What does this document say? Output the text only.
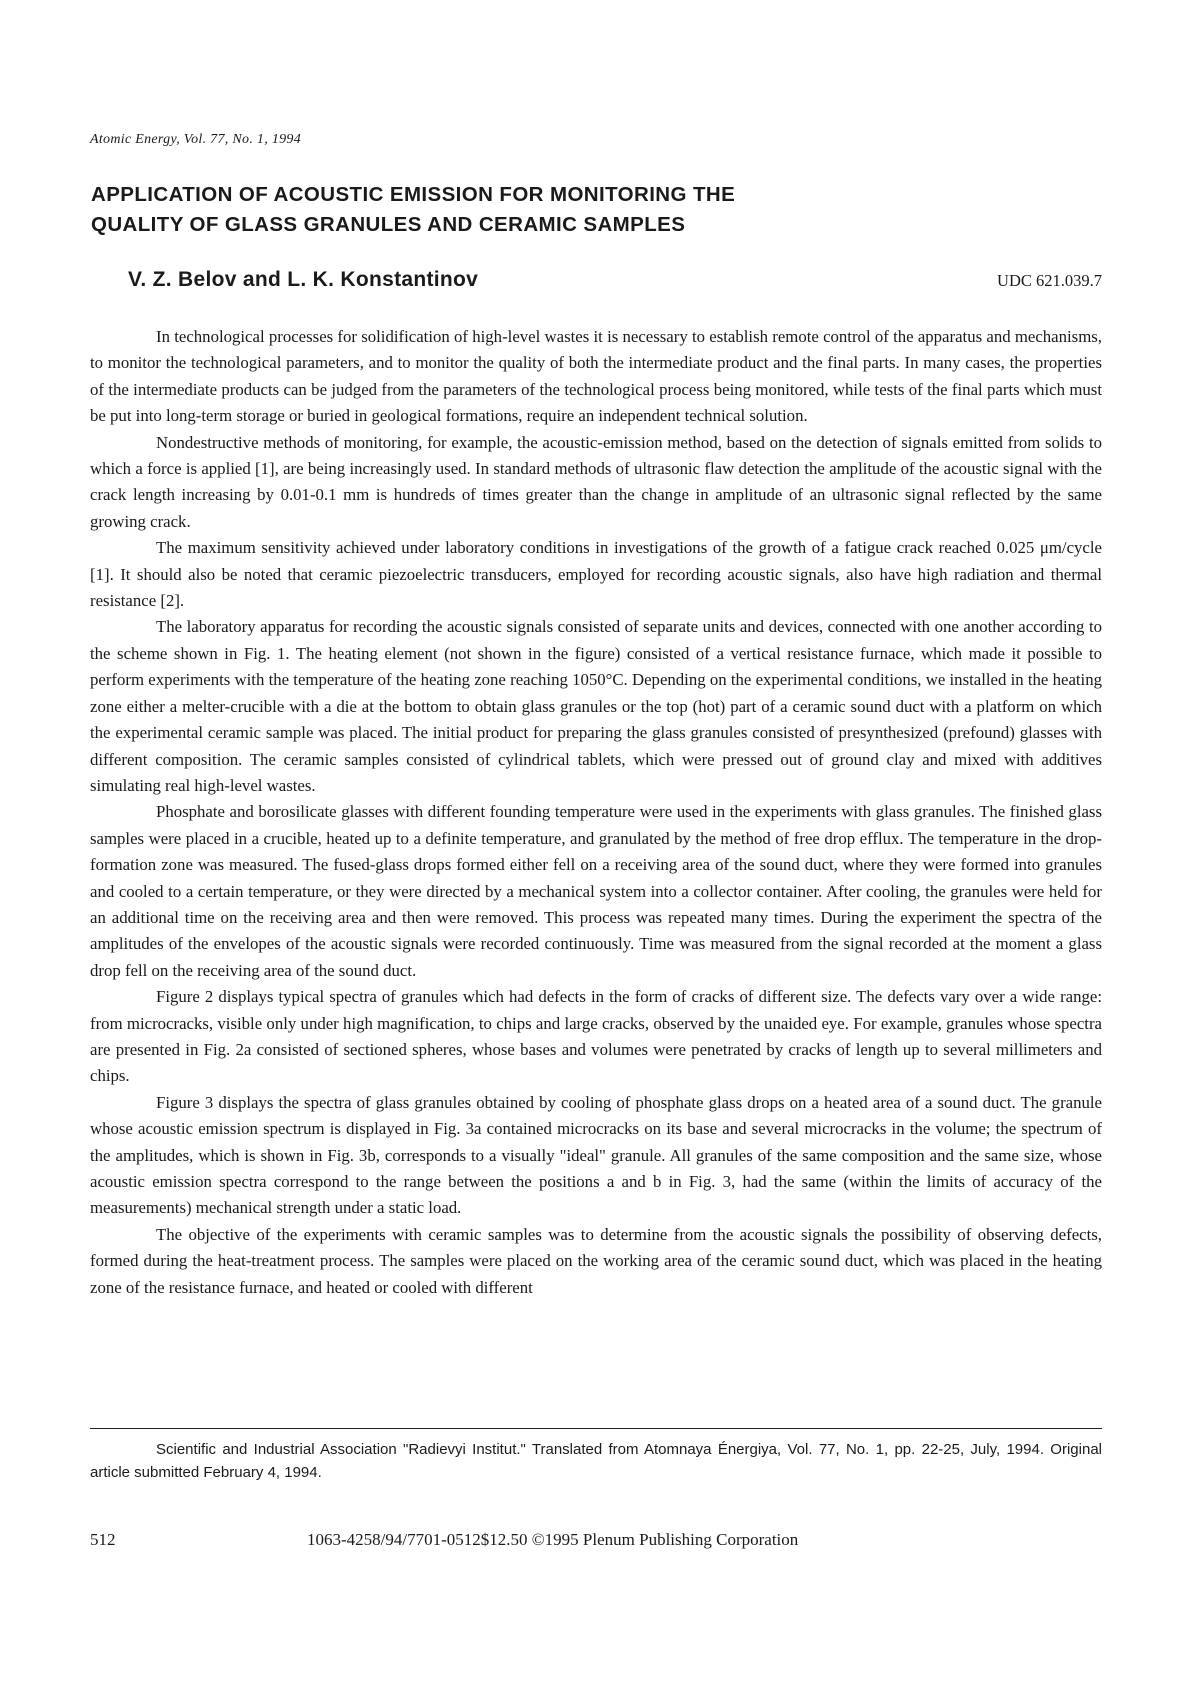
Atomic Energy, Vol. 77, No. 1, 1994
APPLICATION OF ACOUSTIC EMISSION FOR MONITORING THE
QUALITY OF GLASS GRANULES AND CERAMIC SAMPLES
V. Z. Belov and L. K. Konstantinov	UDC 621.039.7

In technological processes for solidification of high-level wastes it is necessary to establish remote control of the apparatus and mechanisms, to monitor the technological parameters, and to monitor the quality of both the intermediate product and the final parts. In many cases, the properties of the intermediate products can be judged from the parameters of the technological process being monitored, while tests of the final parts which must be put into long-term storage or buried in geological formations, require an independent technical solution.

Nondestructive methods of monitoring, for example, the acoustic-emission method, based on the detection of signals emitted from solids to which a force is applied [1], are being increasingly used. In standard methods of ultrasonic flaw detection the amplitude of the acoustic signal with the crack length increasing by 0.01-0.1 mm is hundreds of times greater than the change in amplitude of an ultrasonic signal reflected by the same growing crack.

The maximum sensitivity achieved under laboratory conditions in investigations of the growth of a fatigue crack reached 0.025 μm/cycle [1]. It should also be noted that ceramic piezoelectric transducers, employed for recording acoustic signals, also have high radiation and thermal resistance [2].

The laboratory apparatus for recording the acoustic signals consisted of separate units and devices, connected with one another according to the scheme shown in Fig. 1. The heating element (not shown in the figure) consisted of a vertical resistance furnace, which made it possible to perform experiments with the temperature of the heating zone reaching 1050°C. Depending on the experimental conditions, we installed in the heating zone either a melter-crucible with a die at the bottom to obtain glass granules or the top (hot) part of a ceramic sound duct with a platform on which the experimental ceramic sample was placed. The initial product for preparing the glass granules consisted of presynthesized (prefound) glasses with different composition. The ceramic samples consisted of cylindrical tablets, which were pressed out of ground clay and mixed with additives simulating real high-level wastes.

Phosphate and borosilicate glasses with different founding temperature were used in the experiments with glass granules. The finished glass samples were placed in a crucible, heated up to a definite temperature, and granulated by the method of free drop efflux. The temperature in the drop-formation zone was measured. The fused-glass drops formed either fell on a receiving area of the sound duct, where they were formed into granules and cooled to a certain temperature, or they were directed by a mechanical system into a collector container. After cooling, the granules were held for an additional time on the receiving area and then were removed. This process was repeated many times. During the experiment the spectra of the amplitudes of the envelopes of the acoustic signals were recorded continuously. Time was measured from the signal recorded at the moment a glass drop fell on the receiving area of the sound duct.

Figure 2 displays typical spectra of granules which had defects in the form of cracks of different size. The defects vary over a wide range: from microcracks, visible only under high magnification, to chips and large cracks, observed by the unaided eye. For example, granules whose spectra are presented in Fig. 2a consisted of sectioned spheres, whose bases and volumes were penetrated by cracks of length up to several millimeters and chips.

Figure 3 displays the spectra of glass granules obtained by cooling of phosphate glass drops on a heated area of a sound duct. The granule whose acoustic emission spectrum is displayed in Fig. 3a contained microcracks on its base and several microcracks in the volume; the spectrum of the amplitudes, which is shown in Fig. 3b, corresponds to a visually "ideal" granule. All granules of the same composition and the same size, whose acoustic emission spectra correspond to the range between the positions a and b in Fig. 3, had the same (within the limits of accuracy of the measurements) mechanical strength under a static load.

The objective of the experiments with ceramic samples was to determine from the acoustic signals the possibility of observing defects, formed during the heat-treatment process. The samples were placed on the working area of the ceramic sound duct, which was placed in the heating zone of the resistance furnace, and heated or cooled with different

Scientific and Industrial Association "Radievyi Institut." Translated from Atomnaya Énergiya, Vol. 77, No. 1, pp. 22-25, July, 1994. Original article submitted February 4, 1994.
512	1063-4258/94/7701-0512$12.50 ©1995 Plenum Publishing Corporation
